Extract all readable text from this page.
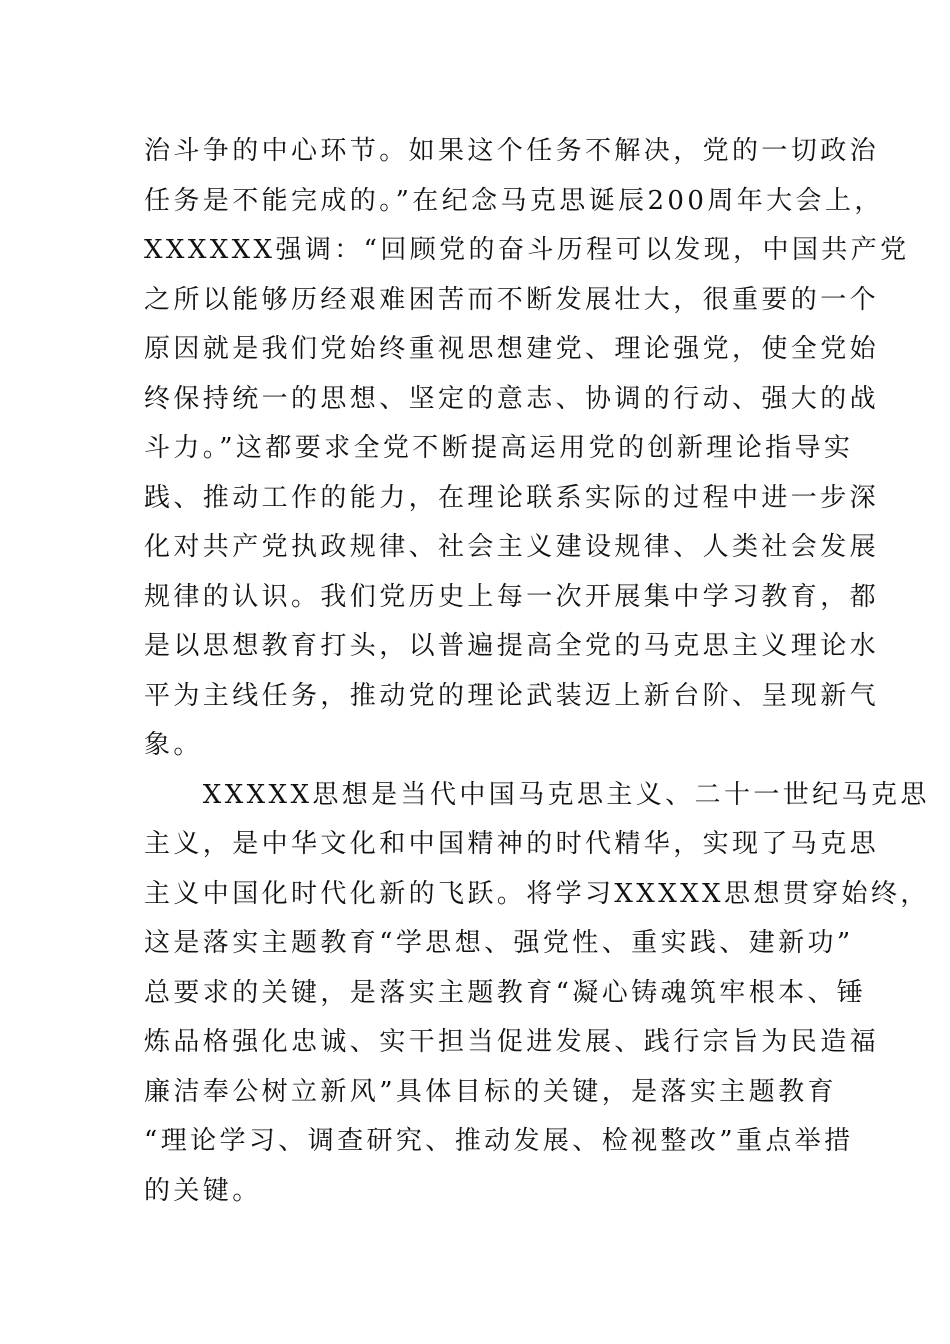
治斗争的中心环节。如果这个任务不解决，党的一切政治
任务是不能完成的。”在纪念马克思诞辰200周年大会上，
XXXXXX强调：“回顾党的奋斗历程可以发现，中国共产党
之所以能够历经艰难困苦而不断发展壮大，很重要的一个
原因就是我们党始终重视思想建党、理论强党，使全党始
终保持统一的思想、坚定的意志、协调的行动、强大的战
斗力。”这都要求全党不断提高运用党的创新理论指导实
践、推动工作的能力，在理论联系实际的过程中进一步深
化对共产党执政规律、社会主义建设规律、人类社会发展
规律的认识。我们党历史上每一次开展集中学习教育，都
是以思想教育打头，以普遍提高全党的马克思主义理论水
平为主线任务，推动党的理论武装迈上新台阶、呈现新气
象。
　　XXXXX思想是当代中国马克思主义、二十一世纪马克思
主义，是中华文化和中国精神的时代精华，实现了马克思
主义中国化时代化新的飞跃。将学习XXXXX思想贯穿始终，
这是落实主题教育“学思想、强党性、重实践、建新功”
总要求的关键，是落实主题教育“凝心铸魂筑牢根本、锤
炼品格强化忠诚、实干担当促进发展、践行宗旨为民造福
廉洁奉公树立新风”具体目标的关键，是落实主题教育
“理论学习、调查研究、推动发展、检视整改”重点举措
的关键。
